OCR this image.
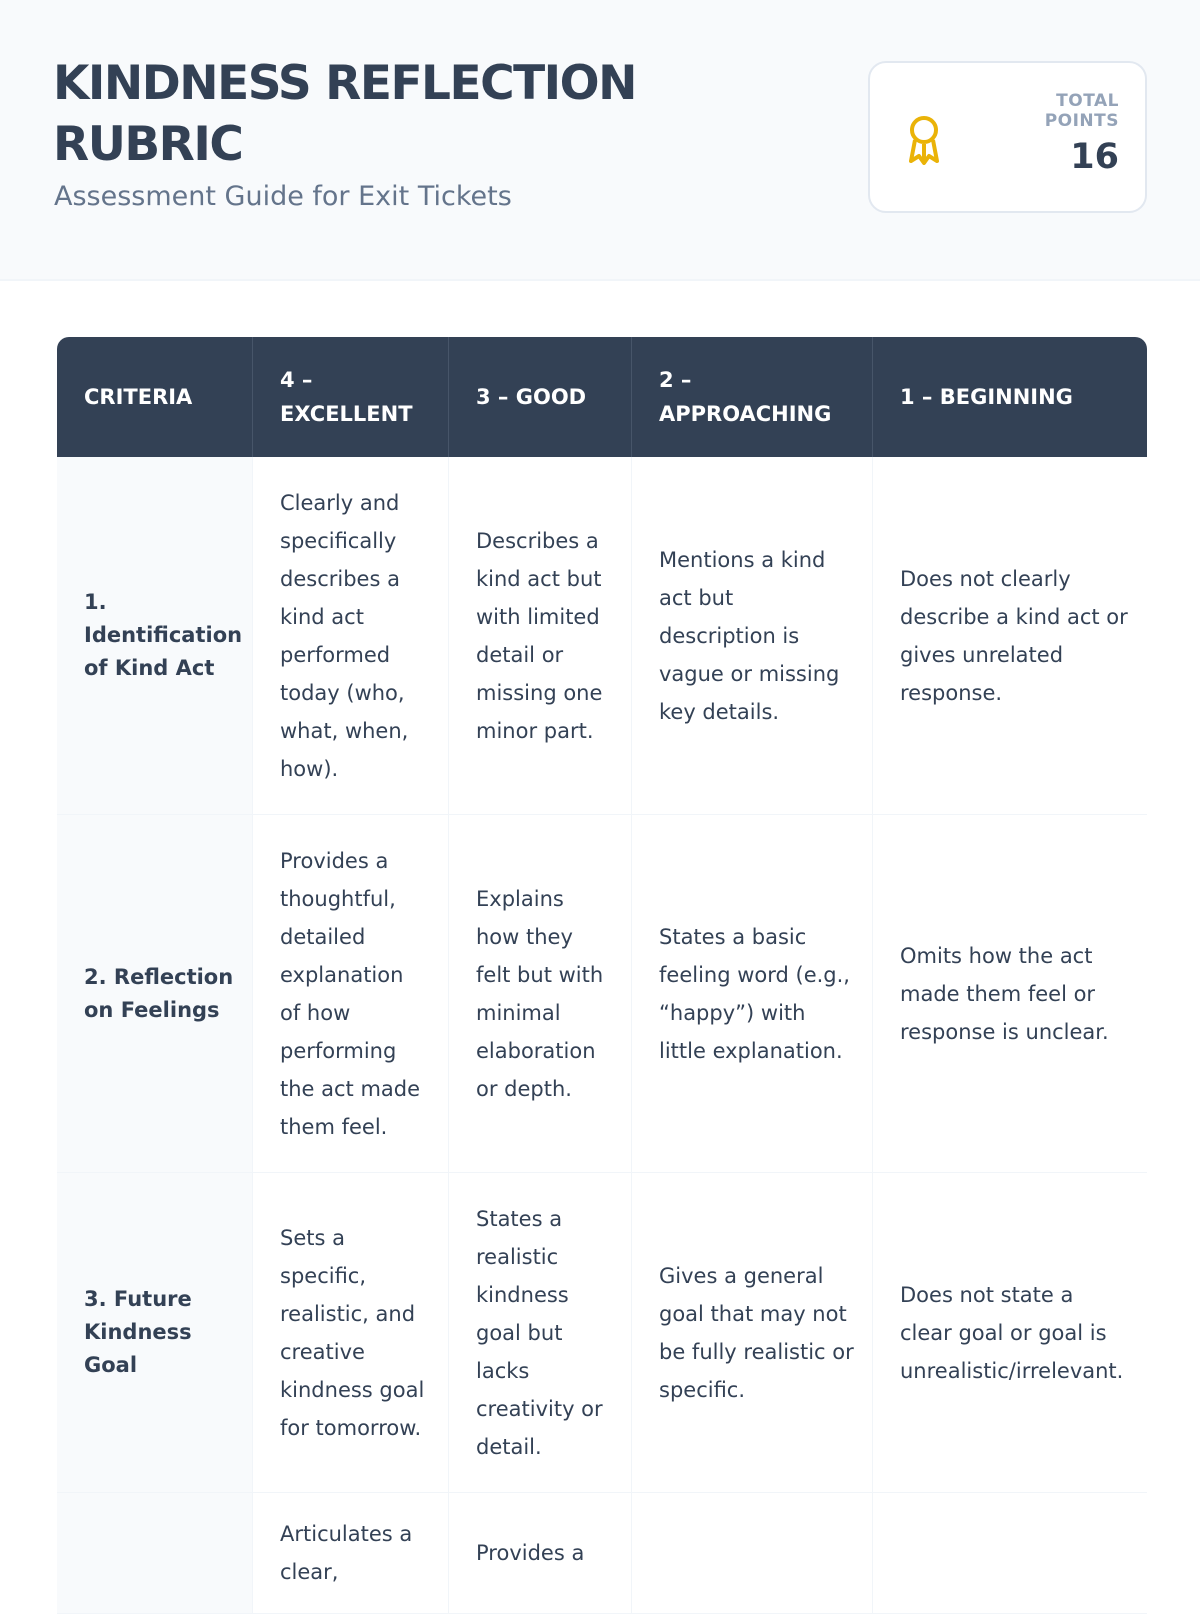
KINDNESS REFLECTION RUBRIC
Assessment Guide for Exit Tickets
TOTAL POINTS
16
CRITERIA	4 – EXCELLENT	3 – GOOD	2 – APPROACHING	1 – BEGINNING
1. Identification of Kind Act	Clearly and specifically describes a kind act performed today (who, what, when, how).	Describes a kind act but with limited detail or missing one minor part.	Mentions a kind act but description is vague or missing key details.	Does not clearly describe a kind act or gives unrelated response.
2. Reflection on Feelings	Provides a thoughtful, detailed explanation of how performing the act made them feel.	Explains how they felt but with minimal elaboration or depth.	States a basic feeling word (e.g., “happy”) with little explanation.	Omits how the act made them feel or response is unclear.
3. Future Kindness Goal	Sets a specific, realistic, and creative kindness goal for tomorrow.	States a realistic kindness goal but lacks creativity or detail.	Gives a general goal that may not be fully realistic or specific.	Does not state a clear goal or goal is unrealistic/irrelevant.
	Articulates a clear,	Provides a		
